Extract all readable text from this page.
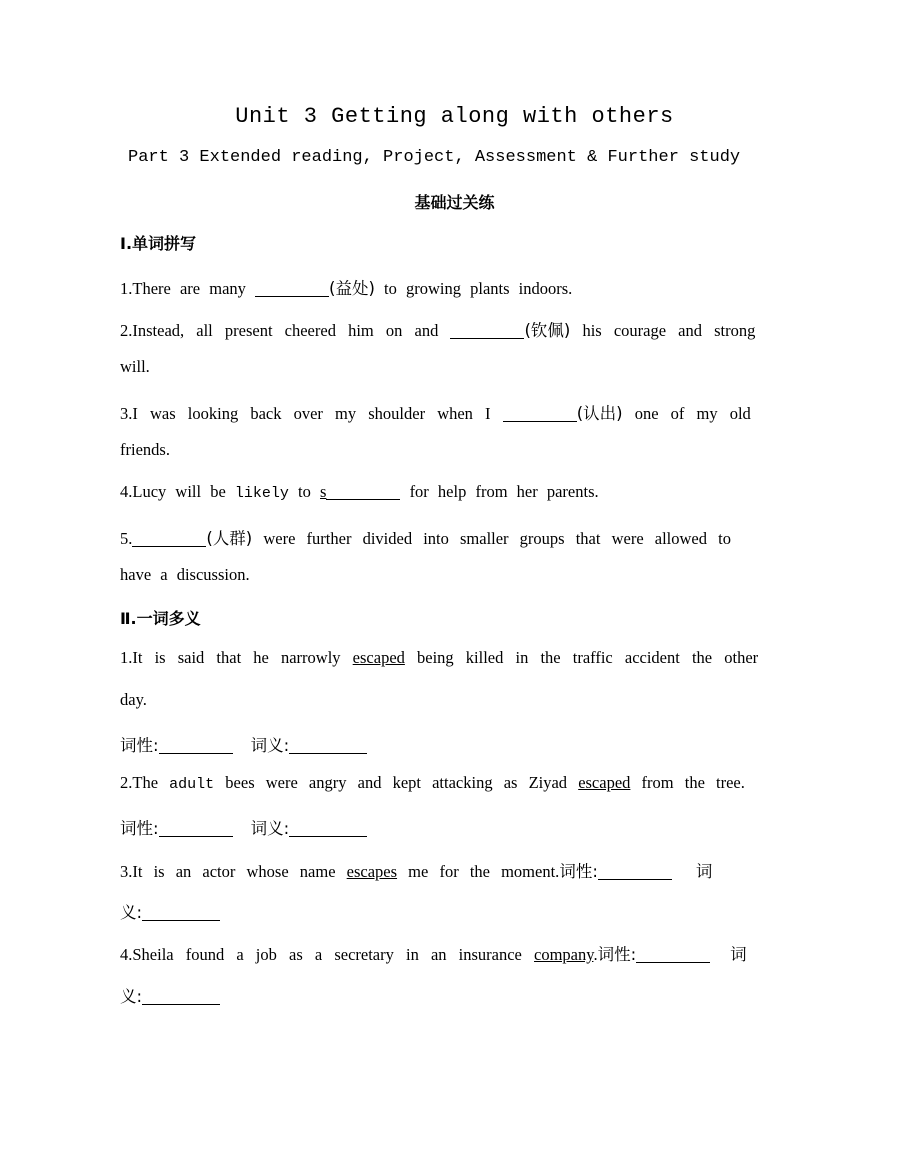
Unit 3 Getting along with others
Part 3 Extended reading, Project, Assessment & Further study
基础过关练
Ⅰ.单词拼写
1.There are many	(益处) to growing plants indoors.
2.Instead, all present cheered him on and	(钦佩) his courage and strong
will.
3.I was looking back over my shoulder when I	(认出) one of my old
friends.
4.Lucy will be likely to s	for help from her parents.
5.	(人群) were further divided into smaller groups that were allowed to
have a discussion.
Ⅱ.一词多义
1.It is said that he narrowly escaped being killed in the traffic accident the other
day.
词性:	词义:
2.The adult bees were angry and kept attacking as Ziyad escaped from the tree.
词性:	词义:
3.It is an actor whose name escapes me for the moment.词性:	词
义:
4.Sheila found a job as a secretary in an insurance company.词性:	词
义:
